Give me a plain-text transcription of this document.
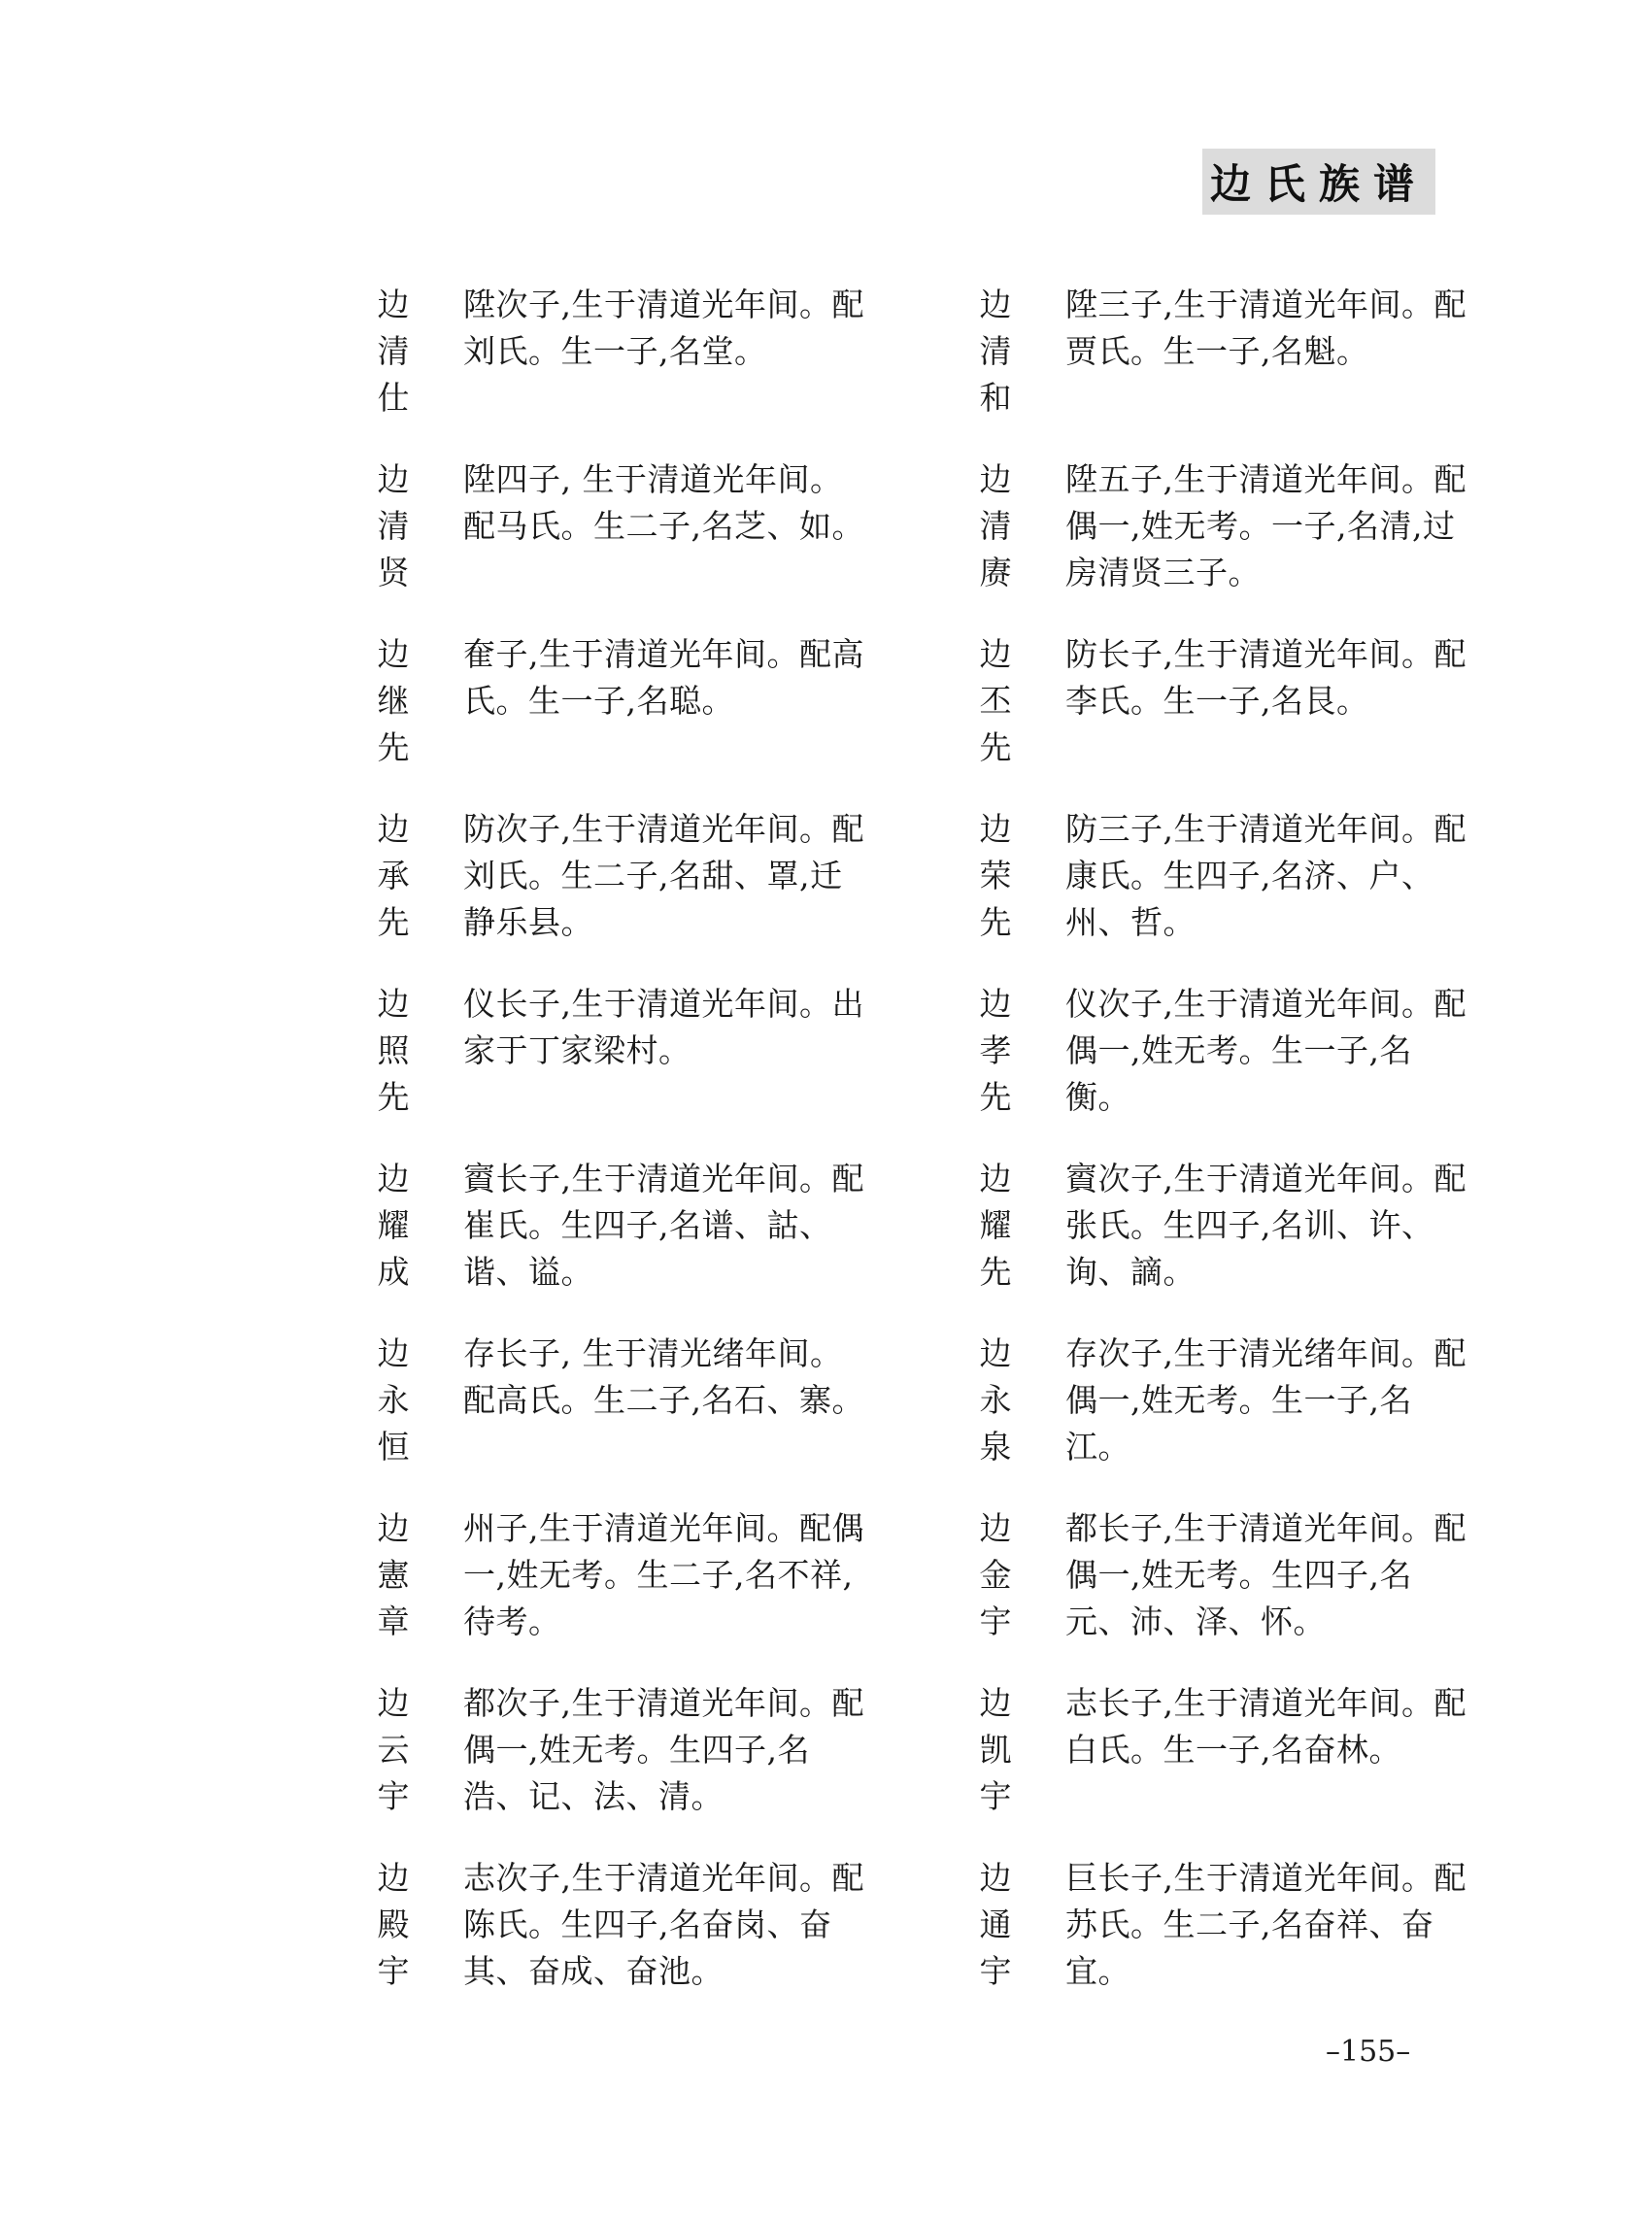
边氏族谱
边
清
仕
陞次子,生于清道光年间。配刘氏。生一子,名堂。
边
清
和
陞三子,生于清道光年间。配贾氏。生一子,名魁。
边
清
贤
陞四子, 生于清道光年间。配马氏。生二子,名芝、如。
边
清
赓
陞五子,生于清道光年间。配偶一,姓无考。一子,名清,过房清贤三子。
边
继
先
奞子,生于清道光年间。配高氏。生一子,名聪。
边
丕
先
防长子,生于清道光年间。配李氏。生一子,名艮。
边
承
先
防次子,生于清道光年间。配刘氏。生二子,名甜、罩,迁静乐县。
边
荣
先
防三子,生于清道光年间。配康氏。生四子,名济、户、州、哲。
边
照
先
仪长子,生于清道光年间。出家于丁家梁村。
边
孝
先
仪次子,生于清道光年间。配偶一,姓无考。生一子,名衡。
边
耀
成
賨长子,生于清道光年间。配崔氏。生四子,名谱、詁、谐、谥。
边
耀
先
賨次子,生于清道光年间。配张氏。生四子,名训、许、询、謫。
边
永
恒
存长子, 生于清光绪年间。配高氏。生二子,名石、寨。
边
永
泉
存次子,生于清光绪年间。配偶一,姓无考。生一子,名江。
边
憲
章
州子,生于清道光年间。配偶一,姓无考。生二子,名不祥,待考。
边
金
宇
都长子,生于清道光年间。配偶一,姓无考。生四子,名元、沛、泽、怀。
边
云
宇
都次子,生于清道光年间。配偶一,姓无考。生四子,名浩、记、法、清。
边
凯
宇
志长子,生于清道光年间。配白氏。生一子,名奋林。
边
殿
宇
志次子,生于清道光年间。配陈氏。生四子,名奋岗、奋其、奋成、奋池。
边
通
宇
巨长子,生于清道光年间。配苏氏。生二子,名奋祥、奋宜。
–155–
